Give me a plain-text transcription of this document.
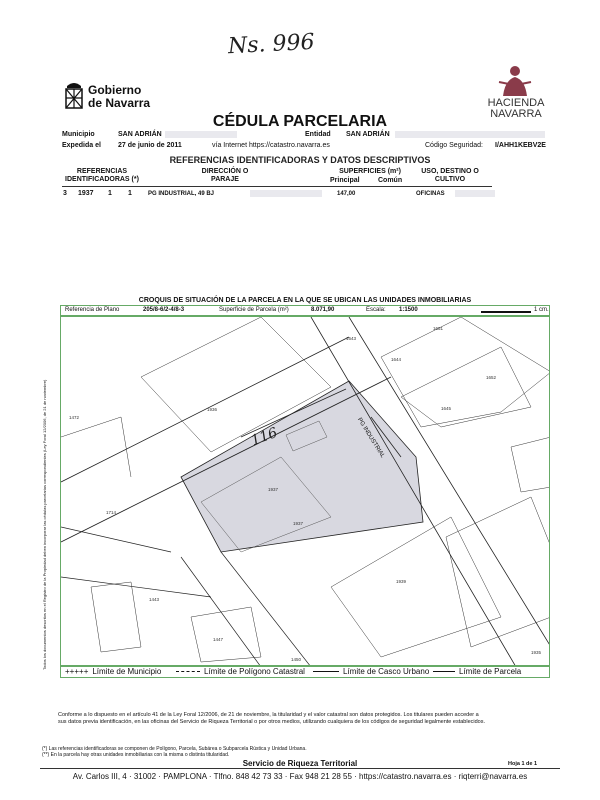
Ns. 996
Gobierno
de Navarra	HACIENDA
NAVARRA
CÉDULA PARCELARIA
Municipio	SAN ADRIÁN	Entidad SAN ADRIÁN
Expedida el 27 de junio de 2011	vía Internet https://catastro.navarra.es	Código Seguridad: I/AHH1KEBV2E
REFERENCIAS IDENTIFICADORAS Y DATOS DESCRIPTIVOS
REFERENCIAS IDENTIFICADORAS (*)
DIRECCIÓN O PARAJE
SUPERFICIES (m²)
Principal	Común
USO, DESTINO O CULTIVO
3 1937 1 1	PG INDUSTRIAL, 49 BJ	147,00	OFICINAS
CROQUIS DE SITUACIÓN DE LA PARCELA EN LA QUE SE UBICAN LAS UNIDADES INMOBILIARIAS
Referencia de Plano	205/8-6/2-4/8-3	Superficie de Parcela (m²)	8.071,90	Escala: 1:1500	1 cm.
Todos los documentos descritos en el Registro de la Propiedad deben incorporar las cédulas parcelarias correspondientes (Ley Foral 12/2006, de 21 de noviembre)
1643
1644
1651
1652
1645
1472
1936
1937
1714
1443
1939
1937
1447
1450
1935
PG INDUSTRIAL
116
+++++ Límite de Municipio	Límite de Polígono Catastral	Límite de Casco Urbano	Límite de Parcela
Conforme a lo dispuesto en el artículo 41 de la Ley Foral 12/2006, de 21 de noviembre, la titularidad y el valor catastral son datos protegidos. Los titulares pueden acceder a sus datos previa identificación, en las oficinas del Servicio de Riqueza Territorial o por otros medios, utilizando cualquiera de los códigos de seguridad legalmente establecidos.
(*) Las referencias identificadoras se componen de Polígono, Parcela, Subárea o Subparcela Rústica y Unidad Urbana.
(**) En la parcela hay otras unidades inmobiliarias con la misma o distinta titularidad.
Servicio de Riqueza Territorial	Hoja 1 de 1
Av. Carlos III, 4 · 31002 · PAMPLONA · Tlfno. 848 42 73 33 · Fax 948 21 28 55 · https://catastro.navarra.es · riqterri@navarra.es
